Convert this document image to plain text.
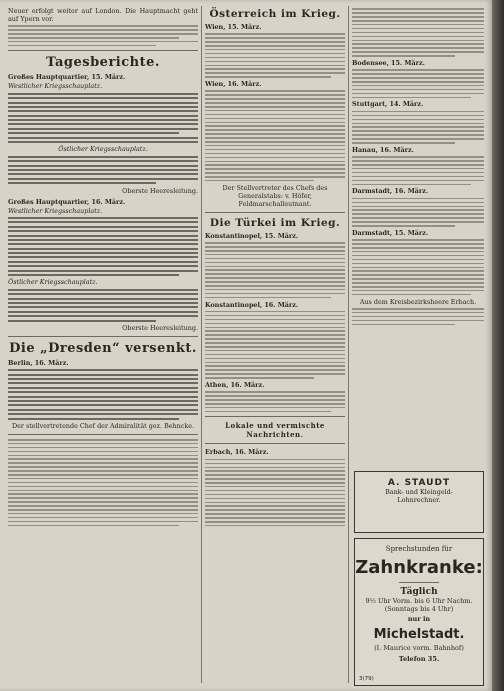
Neuer erfolgt weiter auf London. Die Hauptmacht geht auf Ypern vor.
Tagesberichte.
Großes Hauptquartier, 15. März.
Westlicher Kriegsschauplatz.
Östlicher Kriegsschauplatz.
Oberste Heeresleitung.
Großes Hauptquartier, 16. März.
Westlicher Kriegsschauplatz.
Östlicher Kriegsschauplatz.
Oberste Heeresleitung.
Die „Dresden“ versenkt.
Berlin, 16. März.
Der stellvertretende Chef der Admiralität gez. Behncke.
Österreich im Krieg.
Wien, 15. März.
Wien, 16. März.
Der Stellvertreter des Chefs des Generalstabs: v. Höfer, Feldmarschalleutnant.
Die Türkei im Krieg.
Konstantinopel, 15. März.
Konstantinopel, 16. März.
Athen, 16. März.
Lokale und vermischte Nachrichten.
Erbach, 16. März.
Bodensee, 15. März.
Stuttgart, 14. März.
Hanau, 16. März.
Darmstadt, 16. März.
Darmstadt, 15. März.
Aus dem Kreisbezirksheere Erbach.
A. STAUDT
Bank- und Kleingeld-
Lohnrechner.
Sprechstunden für
Zahnkranke:
Täglich
9½ Uhr Vorm. bis 6 Uhr Nachm.
(Sonntags bis 4 Uhr)
nur in
Michelstadt.
(I. Maurice vorm. Bahnhof)
Telefon 35.
3(79)
